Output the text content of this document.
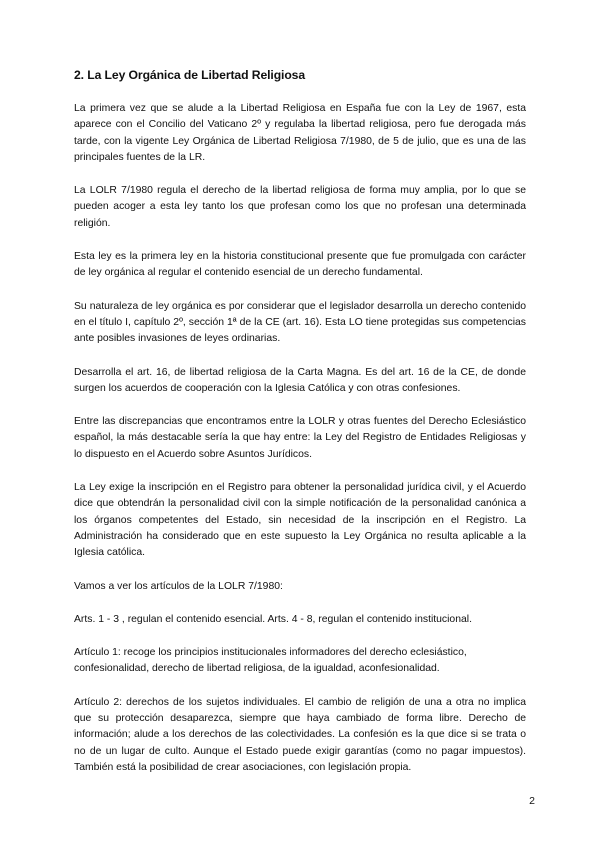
2. La Ley Orgánica de Libertad Religiosa

La primera vez que se alude a la Libertad Religiosa en España fue con la Ley de 1967, esta aparece con el Concilio del Vaticano 2º y regulaba la libertad religiosa, pero fue derogada más tarde, con la vigente Ley Orgánica de Libertad Religiosa 7/1980, de 5 de julio, que es una de las principales fuentes de la LR.

La LOLR 7/1980 regula el derecho de la libertad religiosa de forma muy amplia, por lo que se pueden acoger a esta ley tanto los que profesan como los que no profesan una determinada religión.

Esta ley es la primera ley en la historia constitucional presente que fue promulgada con carácter de ley orgánica al regular el contenido esencial de un derecho fundamental.

Su naturaleza de ley orgánica es por considerar que el legislador desarrolla un derecho contenido en el título I, capítulo 2º, sección 1ª de la CE (art. 16). Esta LO tiene protegidas sus competencias ante posibles invasiones de leyes ordinarias.

Desarrolla el art. 16, de libertad religiosa de la Carta Magna. Es del art. 16 de la CE, de donde surgen los acuerdos de cooperación con la Iglesia Católica y con otras confesiones.

Entre las discrepancias que encontramos entre la LOLR y otras fuentes del Derecho Eclesiástico español, la más destacable sería la que hay entre: la Ley del Registro de Entidades Religiosas y lo dispuesto en el Acuerdo sobre Asuntos Jurídicos.

La Ley exige la inscripción en el Registro para obtener la personalidad jurídica civil, y el Acuerdo dice que obtendrán la personalidad civil con la simple notificación de la personalidad canónica a los órganos competentes del Estado, sin necesidad de la inscripción en el Registro. La Administración ha considerado que en este supuesto la Ley Orgánica no resulta aplicable a la Iglesia católica.

Vamos a ver los artículos de la LOLR 7/1980:

Arts. 1 - 3 , regulan el contenido esencial. Arts. 4 - 8, regulan el contenido institucional.

Artículo 1: recoge los principios institucionales informadores del derecho eclesiástico, confesionalidad, derecho de libertad religiosa, de la igualdad, aconfesionalidad.

Artículo 2: derechos de los sujetos individuales. El cambio de religión de una a otra no implica que su protección desaparezca, siempre que haya cambiado de forma libre. Derecho de información; alude a los derechos de las colectividades. La confesión es la que dice si se trata o no de un lugar de culto. Aunque el Estado puede exigir garantías (como no pagar impuestos). También está la posibilidad de crear asociaciones, con legislación propia.

2
